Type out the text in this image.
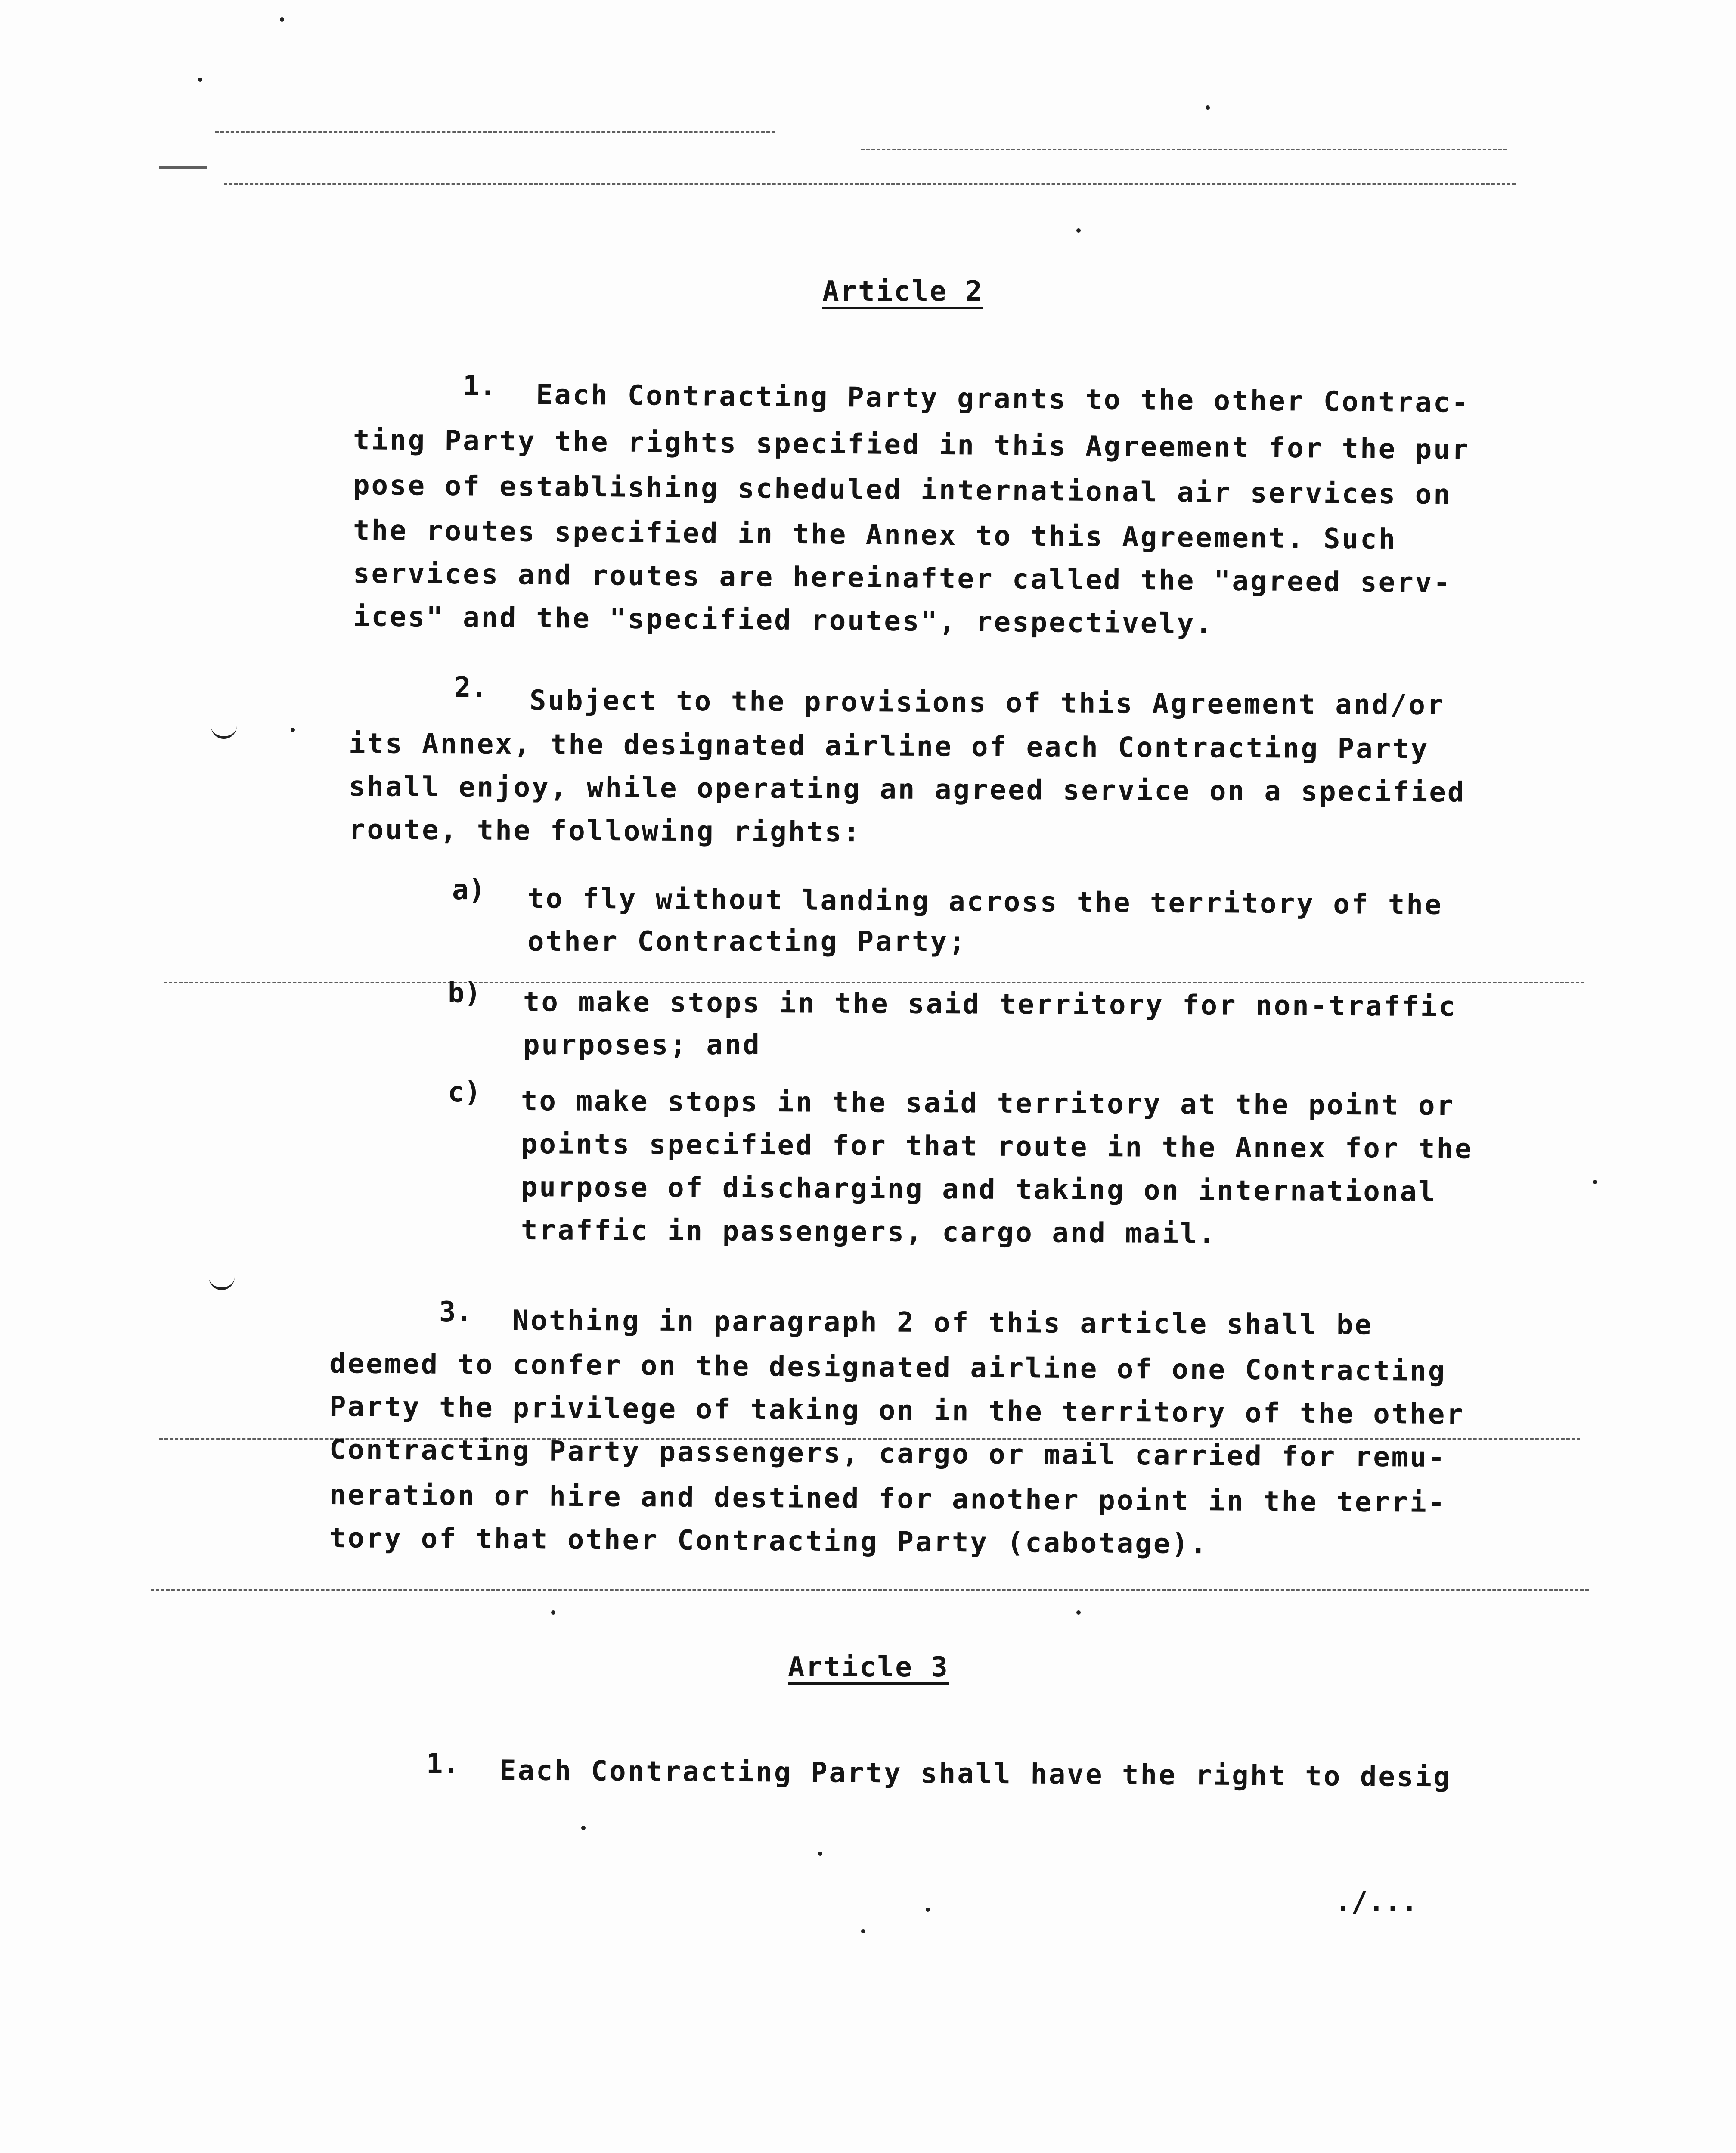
Article 2
1. Each Contracting Party grants to the other Contrac-
ting Party the rights specified in this Agreement for the pur
pose of establishing scheduled international air services on
the routes specified in the Annex to this Agreement. Such
services and routes are hereinafter called the "agreed serv-
ices" and the "specified routes", respectively.
2. Subject to the provisions of this Agreement and/or
its Annex, the designated airline of each Contracting Party
shall enjoy, while operating an agreed service on a specified
route, the following rights:
a) to fly without landing across the territory of the
other Contracting Party;
b) to make stops in the said territory for non-traffic
purposes; and
c) to make stops in the said territory at the point or
points specified for that route in the Annex for the
purpose of discharging and taking on international
traffic in passengers, cargo and mail.
3. Nothing in paragraph 2 of this article shall be
deemed to confer on the designated airline of one Contracting
Party the privilege of taking on in the territory of the other
Contracting Party passengers, cargo or mail carried for remu-
neration or hire and destined for another point in the terri-
tory of that other Contracting Party (cabotage).
Article 3
1. Each Contracting Party shall have the right to desig
./...
